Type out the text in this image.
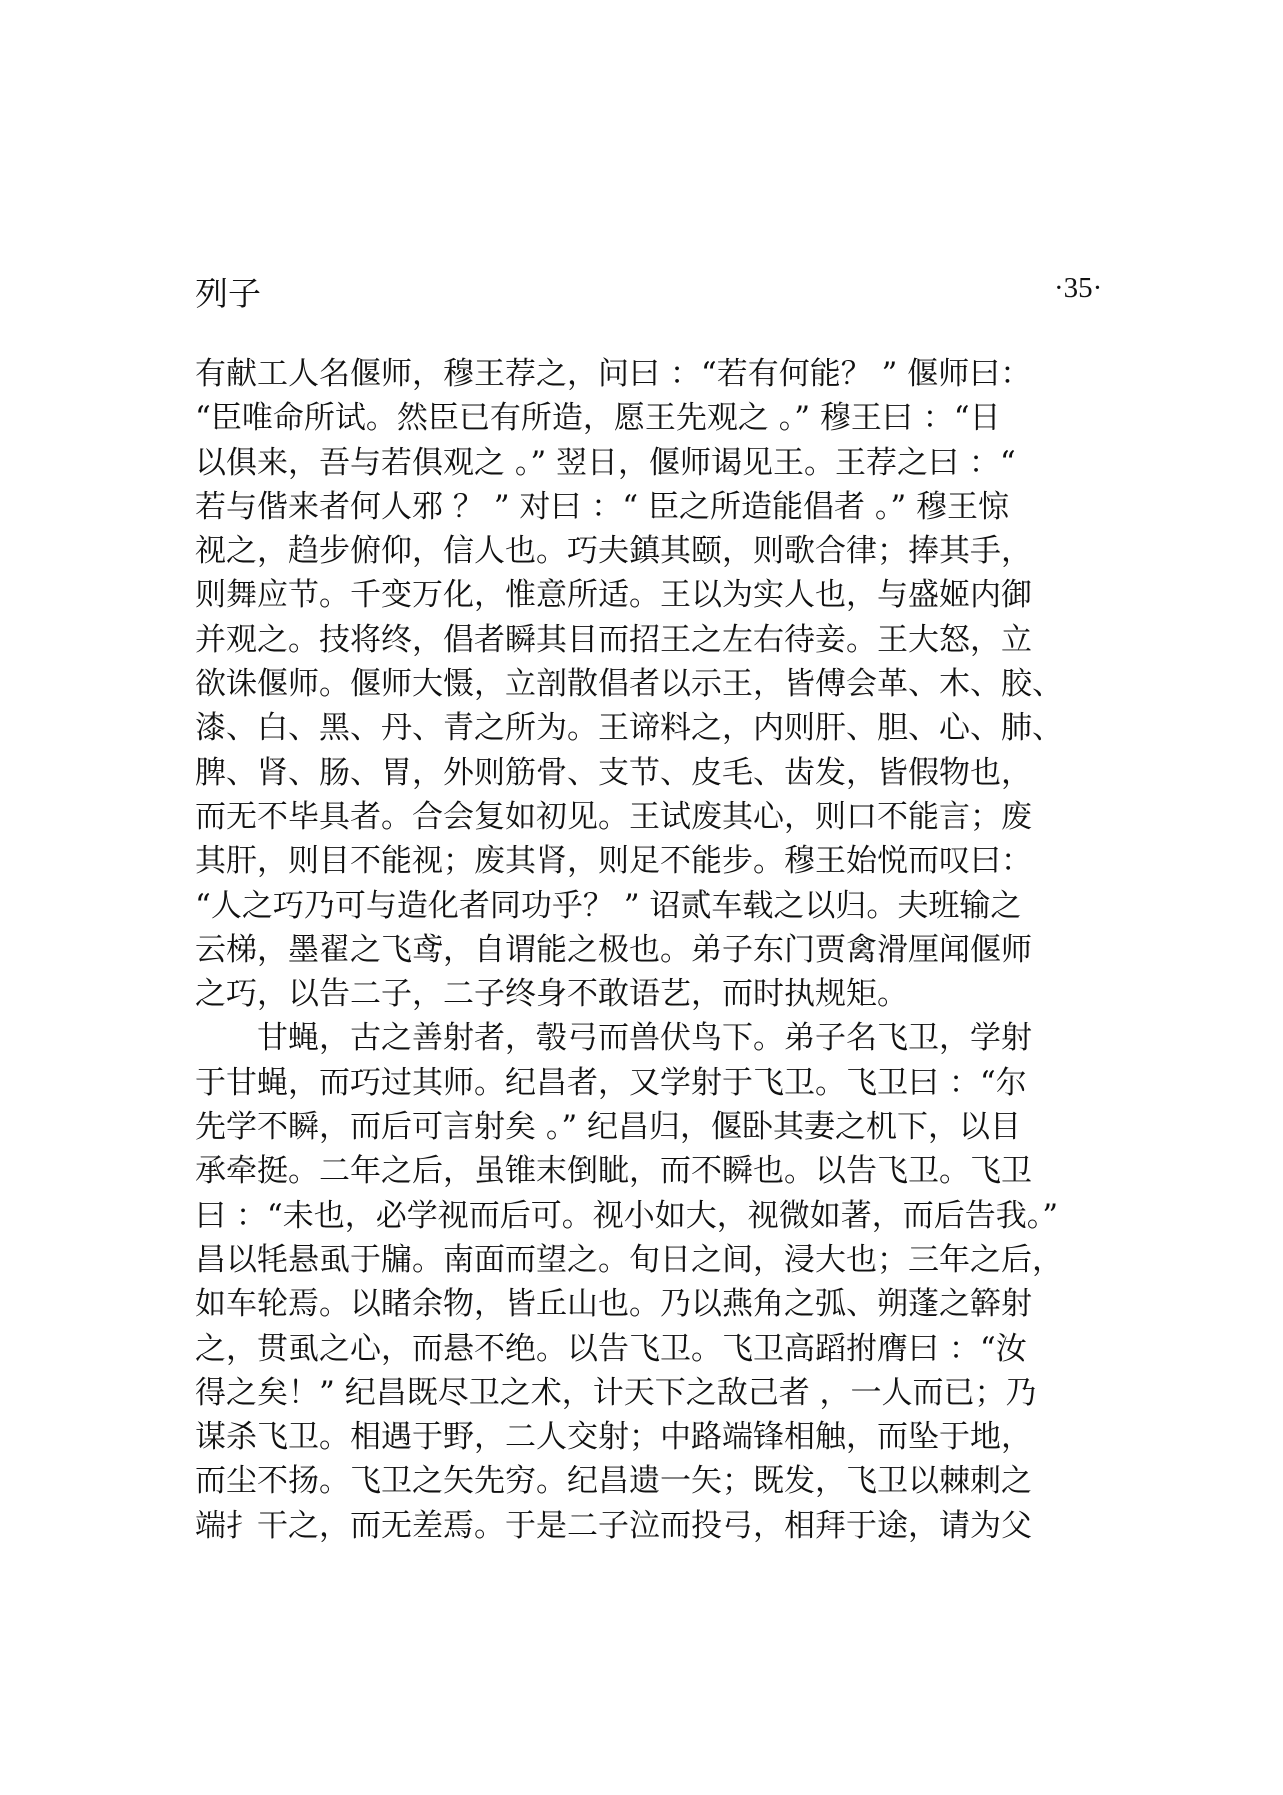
列子	·35·
有献工人名偃师，穆王荐之，问曰 ：“若有何能？ ” 偃师曰：
“臣唯命所试。然臣已有所造，愿王先观之 。” 穆王曰 ：“日
以俱来，吾与若俱观之 。” 翌日，偃师谒见王。王荐之曰 ：“
若与偕来者何人邪 ？ ” 对曰 ：“ 臣之所造能倡者 。” 穆王惊
视之，趋步俯仰，信人也。巧夫鎮其颐，则歌合律；捧其手，
则舞应节。千变万化，惟意所适。王以为实人也，与盛姬内御
并观之。技将终，倡者瞬其目而招王之左右待妾。王大怒，立
欲诛偃师。偃师大慑，立剖散倡者以示王，皆傅会革、木、胶、
漆、白、黑、丹、青之所为。王谛料之，内则肝、胆、心、肺、
脾、肾、肠、胃，外则筋骨、支节、皮毛、齿发，皆假物也，
而无不毕具者。合会复如初见。王试废其心，则口不能言；废
其肝，则目不能视；废其肾，则足不能步。穆王始悦而叹曰：
“人之巧乃可与造化者同功乎？ ” 诏贰车载之以归。夫班输之
云梯，墨翟之飞鸢，自谓能之极也。弟子东门贾禽滑厘闻偃师
之巧，以告二子，二子终身不敢语艺，而时执规矩。
甘蝇，古之善射者，彀弓而兽伏鸟下。弟子名飞卫，学射
于甘蝇，而巧过其师。纪昌者，又学射于飞卫。飞卫曰 ：“尔
先学不瞬，而后可言射矣 。” 纪昌归，偃卧其妻之机下，以目
承牵挺。二年之后，虽锥末倒眦，而不瞬也。以告飞卫。飞卫
曰 ：“未也，必学视而后可。视小如大，视微如著，而后告我。”
昌以牦悬虱于牖。南面而望之。旬日之间，浸大也；三年之后，
如车轮焉。以睹余物，皆丘山也。乃以燕角之弧、朔蓬之簳射
之，贯虱之心，而悬不绝。以告飞卫。飞卫高蹈拊膺曰 ：“汝
得之矣！” 纪昌既尽卫之术，计天下之敌己者 ，一人而已；乃
谋杀飞卫。相遇于野，二人交射；中路端锋相触，而坠于地，
而尘不扬。飞卫之矢先穷。纪昌遗一矢；既发，飞卫以棘刺之
端扌干之，而无差焉。于是二子泣而投弓，相拜于途，请为父
